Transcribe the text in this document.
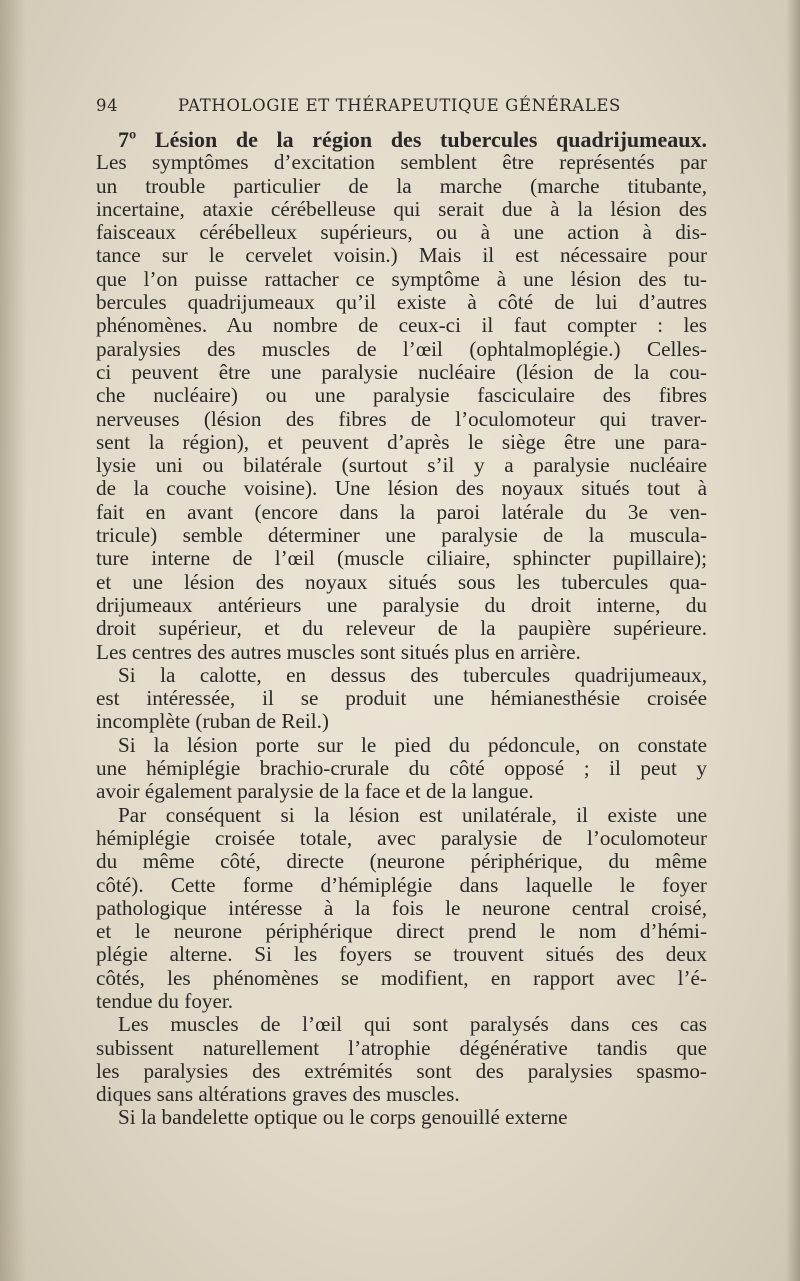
94	PATHOLOGIE ET THÉRAPEUTIQUE GÉNÉRALES
7º Lésion de la région des tubercules quadrijumeaux.
Les symptômes d’excitation semblent être représentés par
un trouble particulier de la marche (marche titubante,
incertaine, ataxie cérébelleuse qui serait due à la lésion des
faisceaux cérébelleux supérieurs, ou à une action à dis-
tance sur le cervelet voisin.) Mais il est nécessaire pour
que l’on puisse rattacher ce symptôme à une lésion des tu-
bercules quadrijumeaux qu’il existe à côté de lui d’autres
phénomènes. Au nombre de ceux-ci il faut compter : les
paralysies des muscles de l’œil (ophtalmoplégie.) Celles-
ci peuvent être une paralysie nucléaire (lésion de la cou-
che nucléaire) ou une paralysie fasciculaire des fibres
nerveuses (lésion des fibres de l’oculomoteur qui traver-
sent la région), et peuvent d’après le siège être une para-
lysie uni ou bilatérale (surtout s’il y a paralysie nucléaire
de la couche voisine). Une lésion des noyaux situés tout à
fait en avant (encore dans la paroi latérale du 3e ven-
tricule) semble déterminer une paralysie de la muscula-
ture interne de l’œil (muscle ciliaire, sphincter pupillaire);
et une lésion des noyaux situés sous les tubercules qua-
drijumeaux antérieurs une paralysie du droit interne, du
droit supérieur, et du releveur de la paupière supérieure.
Les centres des autres muscles sont situés plus en arrière.
Si la calotte, en dessus des tubercules quadrijumeaux,
est intéressée, il se produit une hémianesthésie croisée
incomplète (ruban de Reil.)
Si la lésion porte sur le pied du pédoncule, on constate
une hémiplégie brachio-crurale du côté opposé ; il peut y
avoir également paralysie de la face et de la langue.
Par conséquent si la lésion est unilatérale, il existe une
hémiplégie croisée totale, avec paralysie de l’oculomoteur
du même côté, directe (neurone périphérique, du même
côté). Cette forme d’hémiplégie dans laquelle le foyer
pathologique intéresse à la fois le neurone central croisé,
et le neurone périphérique direct prend le nom d’hémi-
plégie alterne. Si les foyers se trouvent situés des deux
côtés, les phénomènes se modifient, en rapport avec l’é-
tendue du foyer.
Les muscles de l’œil qui sont paralysés dans ces cas
subissent naturellement l’atrophie dégénérative tandis que
les paralysies des extrémités sont des paralysies spasmo-
diques sans altérations graves des muscles.
Si la bandelette optique ou le corps genouillé externe
